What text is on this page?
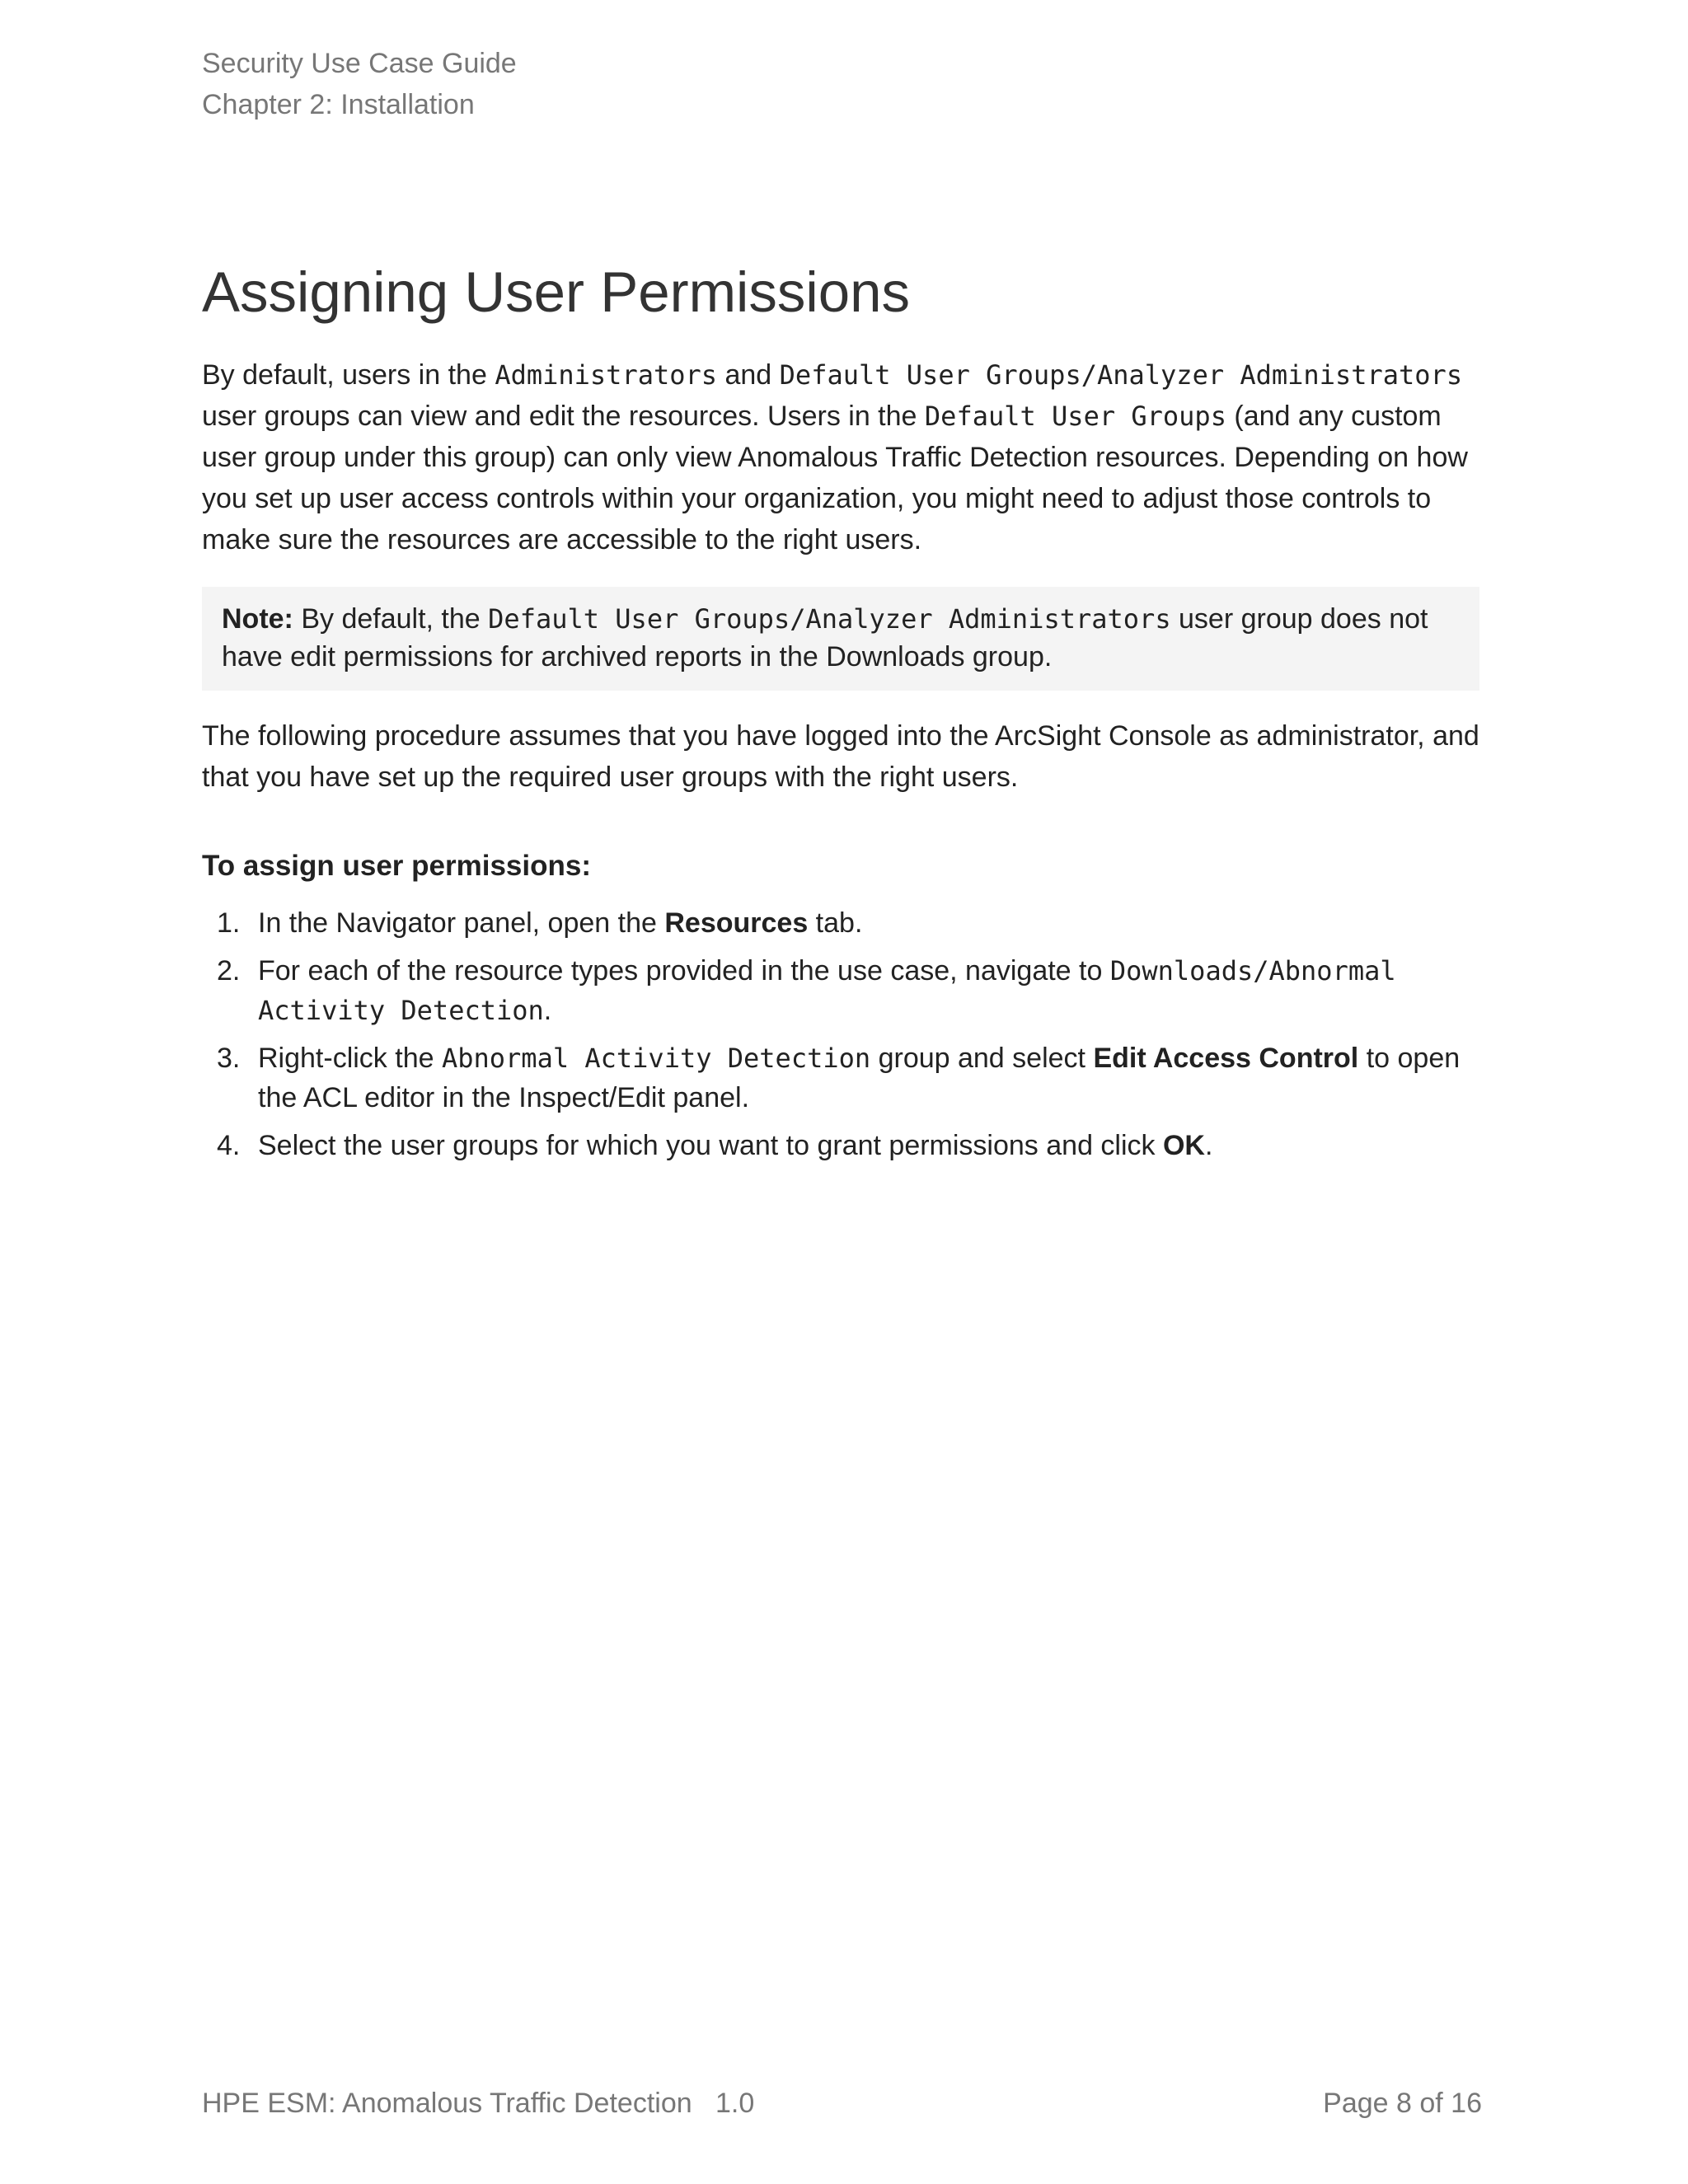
Security Use Case Guide
Chapter 2: Installation
Assigning User Permissions

By default, users in the Administrators and Default User Groups/Analyzer Administrators user groups can view and edit the resources. Users in the Default User Groups (and any custom user group under this group) can only view Anomalous Traffic Detection resources. Depending on how you set up user access controls within your organization, you might need to adjust those controls to make sure the resources are accessible to the right users.

Note: By default, the Default User Groups/Analyzer Administrators user group does not have edit permissions for archived reports in the Downloads group.

The following procedure assumes that you have logged into the ArcSight Console as administrator, and that you have set up the required user groups with the right users.

To assign user permissions:
1. In the Navigator panel, open the Resources tab.
2. For each of the resource types provided in the use case, navigate to Downloads/Abnormal Activity Detection.
3. Right-click the Abnormal Activity Detection group and select Edit Access Control to open the ACL editor in the Inspect/Edit panel.
4. Select the user groups for which you want to grant permissions and click OK.
HPE ESM: Anomalous Traffic Detection   1.0	Page 8 of 16
